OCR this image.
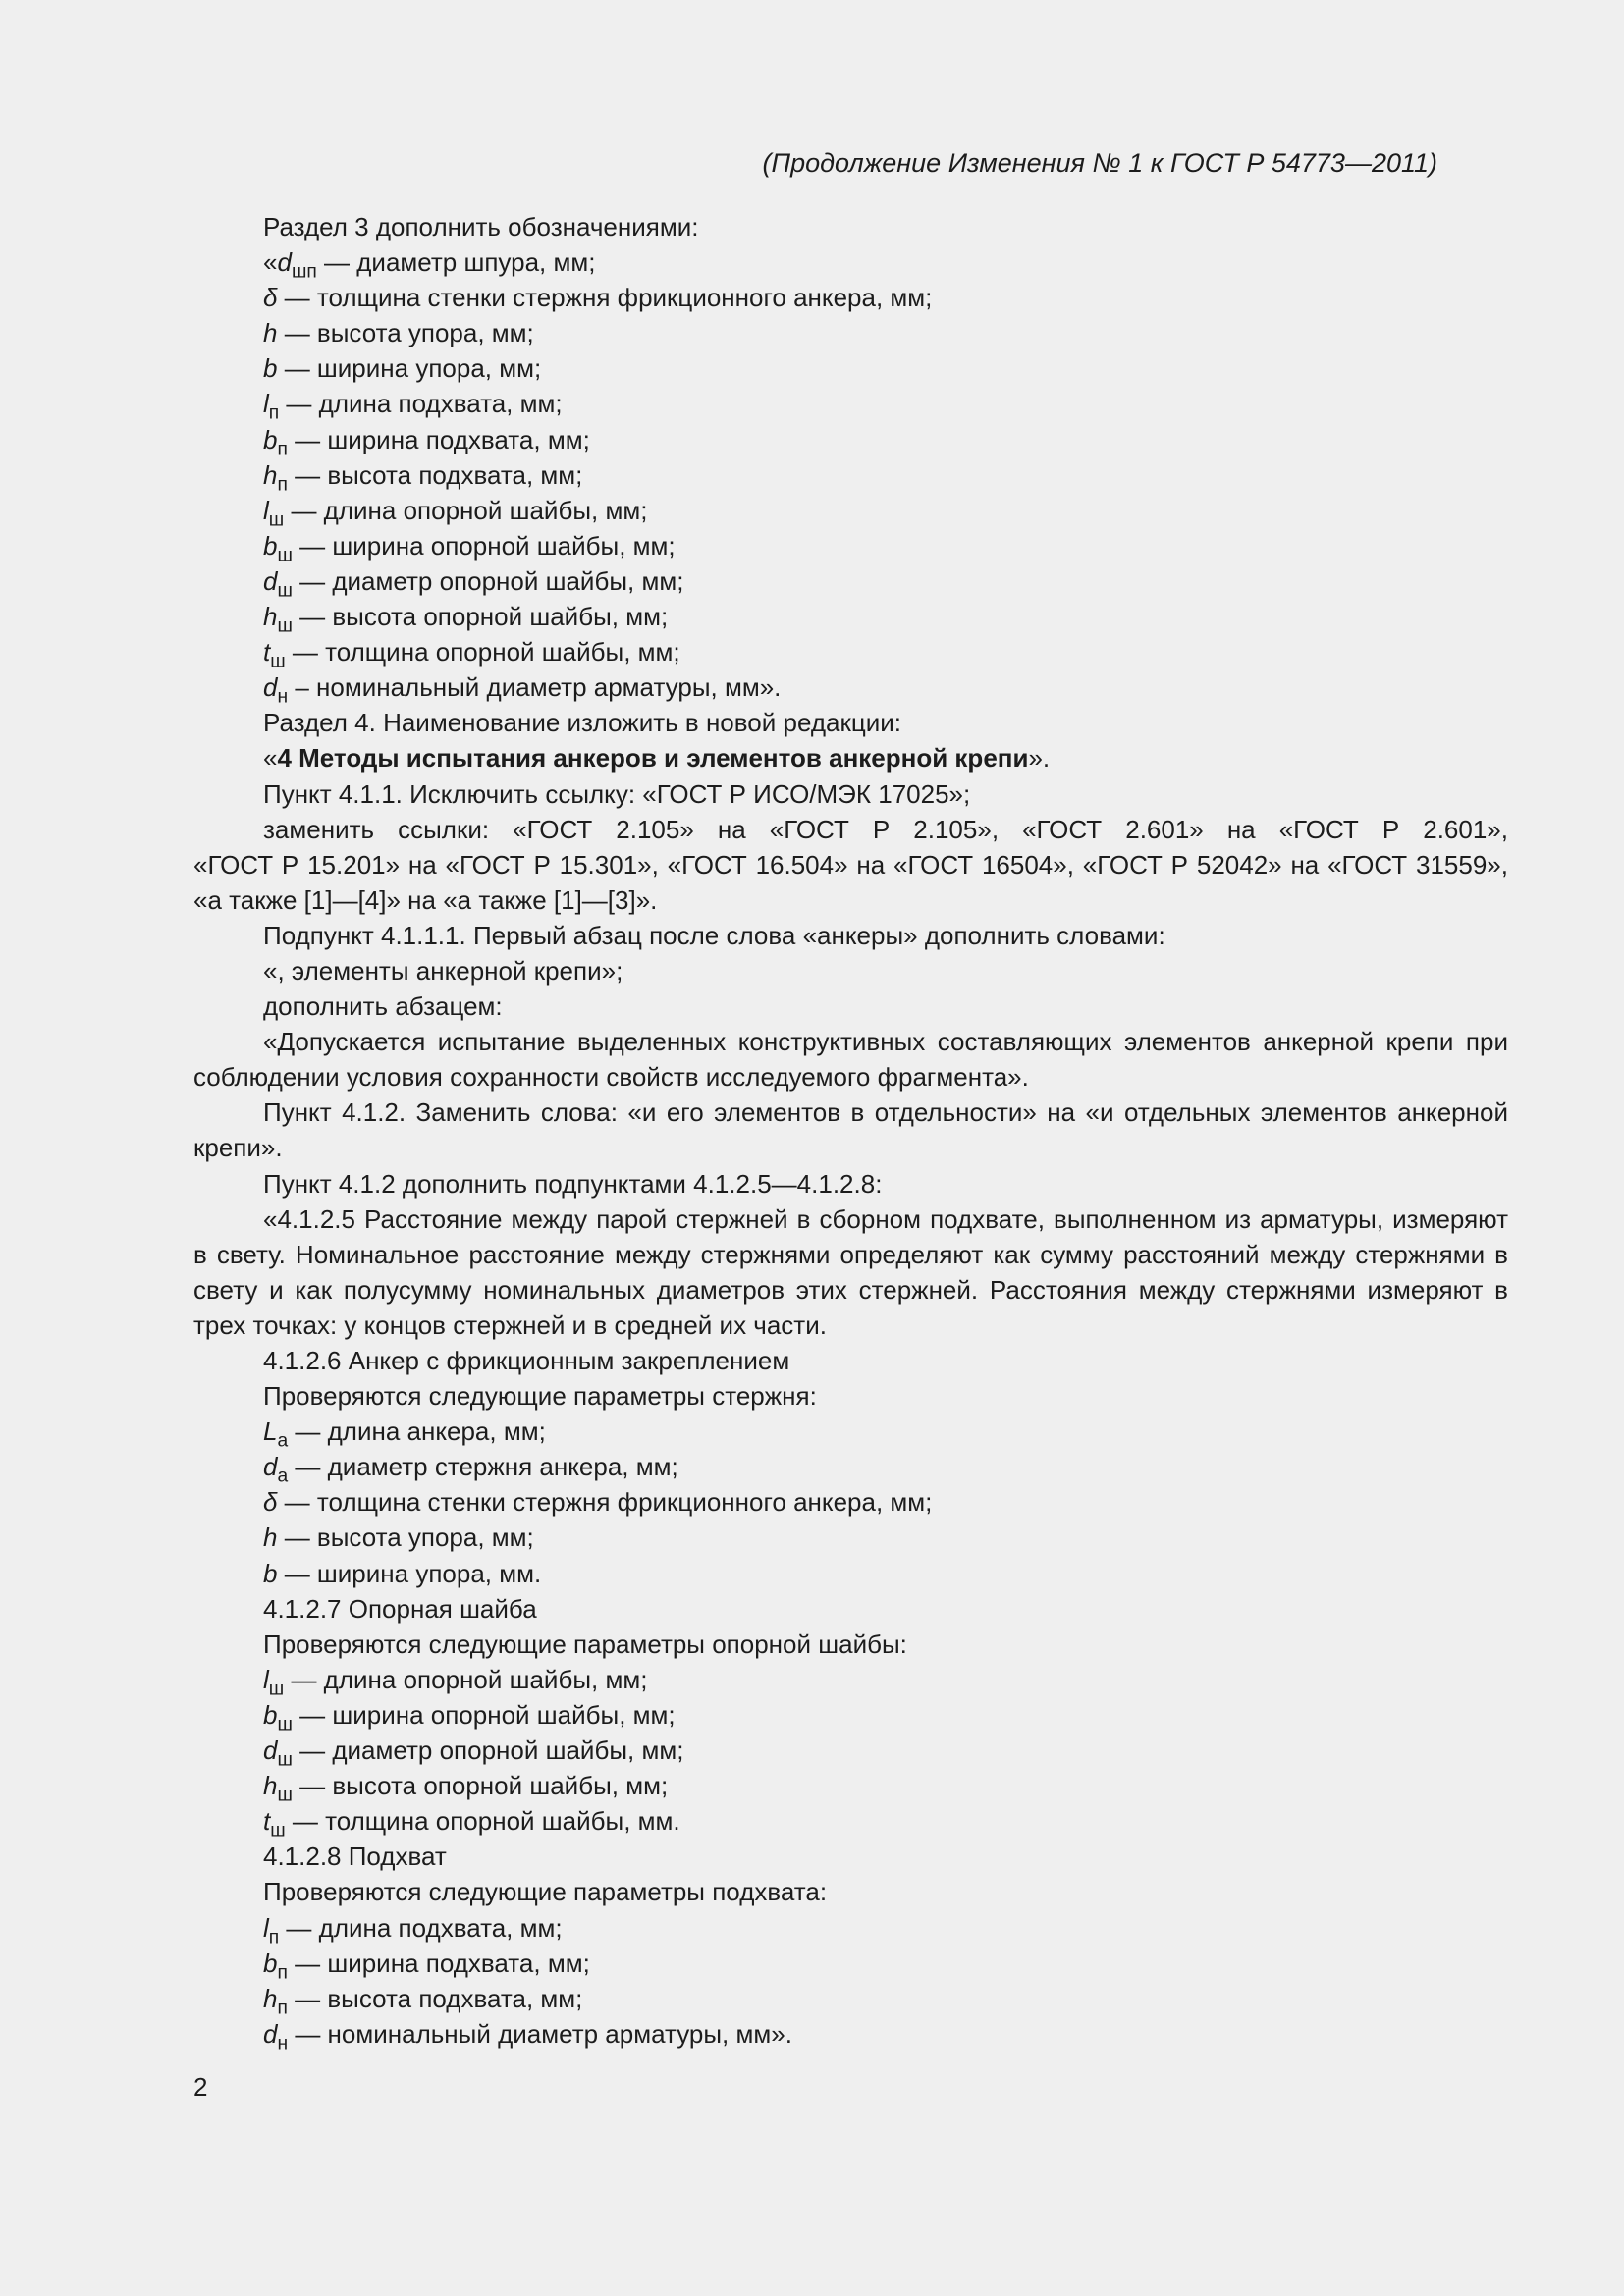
(Продолжение Изменения № 1 к ГОСТ Р 54773—2011)

Раздел 3 дополнить обозначениями:

«$d_{шп}$ — диаметр шпура, мм;

δ — толщина стенки стержня фрикционного анкера, мм;

h — высота упора, мм;

b — ширина упора, мм;

$l_п$ — длина подхвата, мм;

$b_п$ — ширина подхвата, мм;

$h_п$ — высота подхвата, мм;

$l_ш$ — длина опорной шайбы, мм;

$b_ш$ — ширина опорной шайбы, мм;

$d_ш$ — диаметр опорной шайбы, мм;

$h_ш$ — высота опорной шайбы, мм;

$t_ш$ — толщина опорной шайбы, мм;

$d_н$ – номинальный диаметр арматуры, мм».

Раздел 4. Наименование изложить в новой редакции:

«4 Методы испытания анкеров и элементов анкерной крепи».

Пункт 4.1.1. Исключить ссылку: «ГОСТ Р ИСО/МЭК 17025»;

заменить ссылки: «ГОСТ 2.105» на «ГОСТ Р 2.105», «ГОСТ 2.601» на «ГОСТ Р 2.601»,

«ГОСТ Р 15.201» на «ГОСТ Р 15.301», «ГОСТ 16.504» на «ГОСТ 16504», «ГОСТ Р 52042» на «ГОСТ 31559»,

«а также [1]—[4]» на «а также [1]—[3]».

Подпункт 4.1.1.1. Первый абзац после слова «анкеры» дополнить словами:

«, элементы анкерной крепи»;

дополнить абзацем:

«Допускается испытание выделенных конструктивных составляющих элементов анкерной крепи при соблюдении условия сохранности свойств исследуемого фрагмента».

Пункт 4.1.2. Заменить слова: «и его элементов в отдельности» на «и отдельных элементов анкерной крепи».

Пункт 4.1.2 дополнить подпунктами 4.1.2.5—4.1.2.8:

«4.1.2.5 Расстояние между парой стержней в сборном подхвате, выполненном из арматуры, измеряют в свету. Номинальное расстояние между стержнями определяют как сумму расстояний между стержнями в свету и как полусумму номинальных диаметров этих стержней. Расстояния между стержнями измеряют в трех точках: у концов стержней и в средней их части.

4.1.2.6 Анкер с фрикционным закреплением

Проверяются следующие параметры стержня:

$L_а$ — длина анкера, мм;

$d_а$ — диаметр стержня анкера, мм;

δ — толщина стенки стержня фрикционного анкера, мм;

h — высота упора, мм;

b — ширина упора, мм.

4.1.2.7 Опорная шайба

Проверяются следующие параметры опорной шайбы:

$l_ш$ — длина опорной шайбы, мм;

$b_ш$ — ширина опорной шайбы, мм;

$d_ш$ — диаметр опорной шайбы, мм;

$h_ш$ — высота опорной шайбы, мм;

$t_ш$ — толщина опорной шайбы, мм.

4.1.2.8 Подхват

Проверяются следующие параметры подхвата:

$l_п$ — длина подхвата, мм;

$b_п$ — ширина подхвата, мм;

$h_п$ — высота подхвата, мм;

$d_н$ — номинальный диаметр арматуры, мм».

2
